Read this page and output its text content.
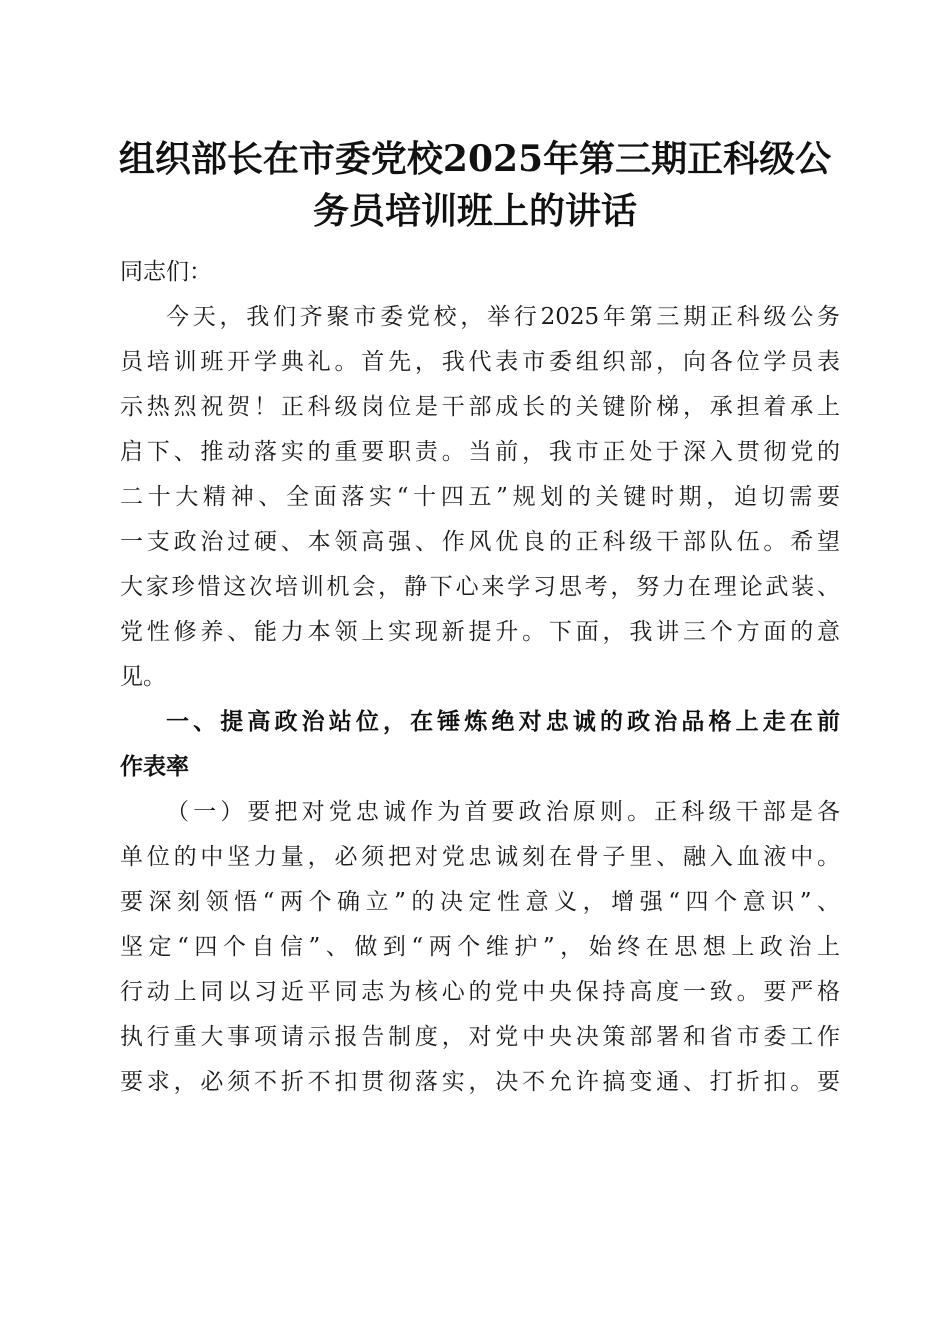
组织部长在市委党校2025年第三期正科级公
务员培训班上的讲话
同志们：
今天，我们齐聚市委党校，举行2025年第三期正科级公务
员培训班开学典礼。首先，我代表市委组织部，向各位学员表
示热烈祝贺！正科级岗位是干部成长的关键阶梯，承担着承上
启下、推动落实的重要职责。当前，我市正处于深入贯彻党的
二十大精神、全面落实“十四五”规划的关键时期，迫切需要
一支政治过硬、本领高强、作风优良的正科级干部队伍。希望
大家珍惜这次培训机会，静下心来学习思考，努力在理论武装、
党性修养、能力本领上实现新提升。下面，我讲三个方面的意
见。
一、提高政治站位，在锤炼绝对忠诚的政治品格上走在前
作表率
（一）要把对党忠诚作为首要政治原则。正科级干部是各
单位的中坚力量，必须把对党忠诚刻在骨子里、融入血液中。
要深刻领悟“两个确立”的决定性意义，增强“四个意识”、
坚定“四个自信”、做到“两个维护”，始终在思想上政治上
行动上同以习近平同志为核心的党中央保持高度一致。要严格
执行重大事项请示报告制度，对党中央决策部署和省市委工作
要求，必须不折不扣贯彻落实，决不允许搞变通、打折扣。要
